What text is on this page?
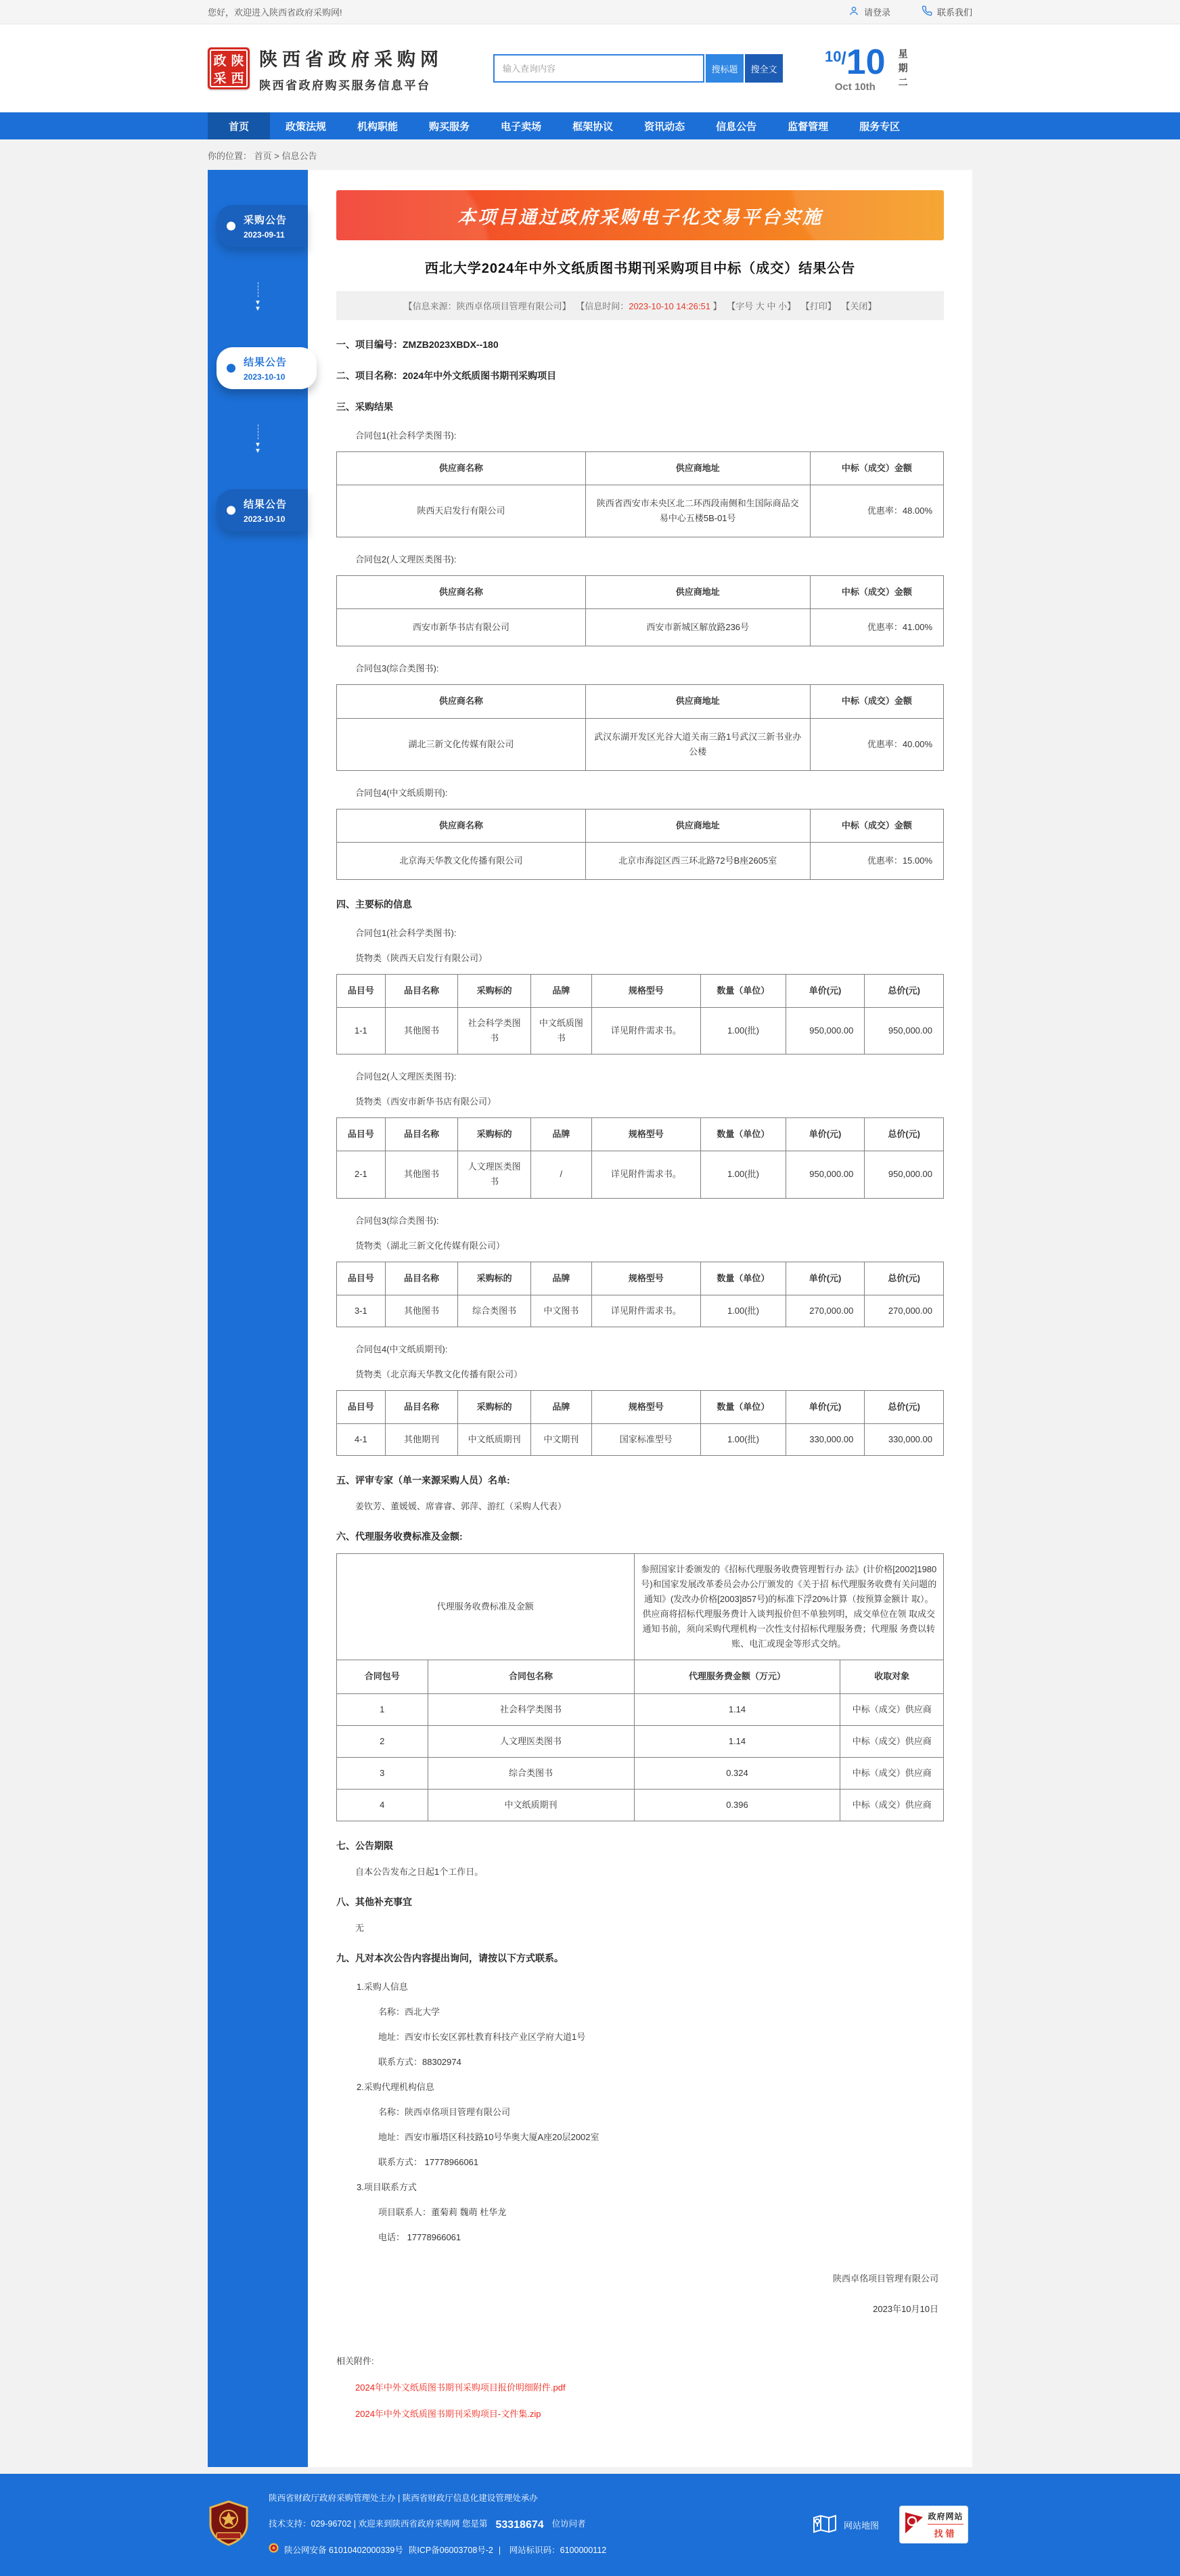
您好，欢迎进入陕西省政府采购网!	请登录	联系我们
政 陕
采 西
陕西省政府采购网
陕西省政府购买服务信息平台
输入查询内容
搜标题	搜全文
10/10
Oct 10th	星期二
首页	政策法规	机构职能	购买服务	电子卖场	框架协议	资讯动态	信息公告	监督管理	服务专区
你的位置： 首页 > 信息公告
采购公告
2023-09-11
▼
▼
结果公告
2023-10-10
▼
▼
结果公告
2023-10-10
本项目通过政府采购电子化交易平台实施
西北大学2024年中外文纸质图书期刊采购项目中标（成交）结果公告
【信息来源：陕西卓佲项目管理有限公司】 【信息时间：2023-10-10 14:26:51 】 【字号 大 中 小】 【打印】 【关闭】
一、项目编号：ZMZB2023XBDX--180
二、项目名称：2024年中外文纸质图书期刊采购项目
三、采购结果
合同包1(社会科学类图书):
供应商名称	供应商地址	中标（成交）金额
陕西天启发行有限公司	陕西省西安市未央区北二环西段南侧和生国际商品交易中心五楼5B-01号	优惠率：48.00%
合同包2(人文理医类图书):
供应商名称	供应商地址	中标（成交）金额
西安市新华书店有限公司	西安市新城区解放路236号	优惠率：41.00%
合同包3(综合类图书):
供应商名称	供应商地址	中标（成交）金额
湖北三新文化传媒有限公司	武汉东湖开发区光谷大道关南三路1号武汉三新书业办公楼	优惠率：40.00%
合同包4(中文纸质期刊):
供应商名称	供应商地址	中标（成交）金额
北京海天华教文化传播有限公司	北京市海淀区西三环北路72号B座2605室	优惠率：15.00%
四、主要标的信息
合同包1(社会科学类图书):
货物类（陕西天启发行有限公司）
品目号	品目名称	采购标的	品牌	规格型号	数量（单位）	单价(元)	总价(元)
1-1	其他图书	社会科学类图书	中文纸质图书	详见附件需求书。	1.00(批)	950,000.00	950,000.00
合同包2(人文理医类图书):
货物类（西安市新华书店有限公司）
品目号	品目名称	采购标的	品牌	规格型号	数量（单位）	单价(元)	总价(元)
2-1	其他图书	人文理医类图书	/	详见附件需求书。	1.00(批)	950,000.00	950,000.00
合同包3(综合类图书):
货物类（湖北三新文化传媒有限公司）
品目号	品目名称	采购标的	品牌	规格型号	数量（单位）	单价(元)	总价(元)
3-1	其他图书	综合类图书	中文图书	详见附件需求书。	1.00(批)	270,000.00	270,000.00
合同包4(中文纸质期刊):
货物类（北京海天华教文化传播有限公司）
品目号	品目名称	采购标的	品牌	规格型号	数量（单位）	单价(元)	总价(元)
4-1	其他期刊	中文纸质期刊	中文期刊	国家标准型号	1.00(批)	330,000.00	330,000.00
五、评审专家（单一来源采购人员）名单:
姜钦芳、董媛媛、席睿睿、郭萍、游红（采购人代表）
六、代理服务收费标准及金额:
代理服务收费标准及金额		参照国家计委颁发的《招标代理服务收费管理暂行办 法》(计价格[2002]1980号)和国家发展改革委员会办公厅颁发的《关于招 标代理服务收费有关问题的通知》(发改办价格[2003]857号)的标准下浮20%计算（按预算金额计 取）。供应商将招标代理服务费计入谈判报价但不单独列明，成交单位在领 取成交通知书前，须向采购代理机构一次性支付招标代理服务费；代理服 务费以转账、电汇或现金等形式交纳。	
合同包号	合同包名称	代理服务费金额（万元）	收取对象
1	社会科学类图书	1.14	中标（成交）供应商
2	人文理医类图书	1.14	中标（成交）供应商
3	综合类图书	0.324	中标（成交）供应商
4	中文纸质期刊	0.396	中标（成交）供应商
七、公告期限
自本公告发布之日起1个工作日。
八、其他补充事宜
无
九、凡对本次公告内容提出询问，请按以下方式联系。
1.采购人信息
名称：西北大学
地址：西安市长安区郭杜教育科技产业区学府大道1号
联系方式：88302974
2.采购代理机构信息
名称：陕西卓佲项目管理有限公司
地址：西安市雁塔区科技路10号华奥大厦A座20层2002室
联系方式： 17778966061
3.项目联系方式
项目联系人：董菊莉 魏萌 杜华龙
电话： 17778966061
陕西卓佲项目管理有限公司
2023年10月10日
相关附件:
2024年中外文纸质图书期刊采购项目报价明细附件.pdf
2024年中外文纸质图书期刊采购项目-文件集.zip
陕西省财政厅政府采购管理处主办 | 陕西省财政厅信息化建设管理处承办
技术支持：029-96702 | 欢迎来到陕西省政府采购网 您是第 53318674 位访问者
陕公网安备 61010402000339号 陕ICP备06003708号-2 |　网站标识码：6100000112
网站地图
政府网站
找错
